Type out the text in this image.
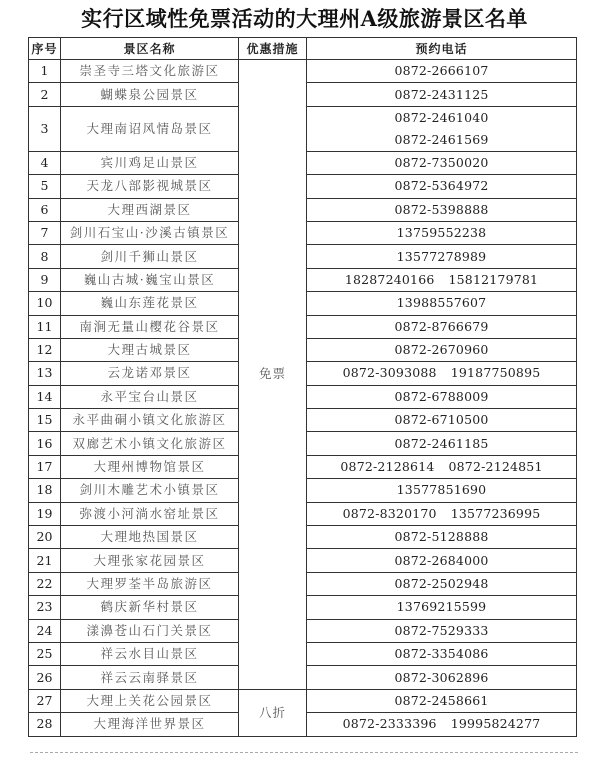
实行区域性免票活动的大理州A级旅游景区名单
序号	景区名称	优惠措施	预约电话
1	崇圣寺三塔文化旅游区	免票	0872-2666107
2	蝴蝶泉公园景区		0872-2431125
3	大理南诏风情岛景区		0872-2461040
0872-2461569

4	宾川鸡足山景区		0872-7350020
5	天龙八部影视城景区		0872-5364972
6	大理西湖景区		0872-5398888
7	剑川石宝山·沙溪古镇景区		13759552238
8	剑川千狮山景区		13577278989
9	巍山古城·巍宝山景区		18287240166 15812179781
10	巍山东莲花景区		13988557607
11	南涧无量山樱花谷景区		0872-8766679
12	大理古城景区		0872-2670960
13	云龙诺邓景区		0872-3093088 19187750895
14	永平宝台山景区		0872-6788009
15	永平曲硐小镇文化旅游区		0872-6710500
16	双廊艺术小镇文化旅游区		0872-2461185
17	大理州博物馆景区		0872-2128614 0872-2124851
18	剑川木雕艺术小镇景区		13577851690
19	弥渡小河淌水窑址景区		0872-8320170 13577236995
20	大理地热国景区		0872-5128888
21	大理张家花园景区		0872-2684000
22	大理罗荃半岛旅游区		0872-2502948
23	鹤庆新华村景区		13769215599
24	漾濞苍山石门关景区		0872-7529333
25	祥云水目山景区		0872-3354086
26	祥云云南驿景区		0872-3062896
27	大理上关花公园景区	八折	0872-2458661
28	大理海洋世界景区		0872-2333396 19995824277
